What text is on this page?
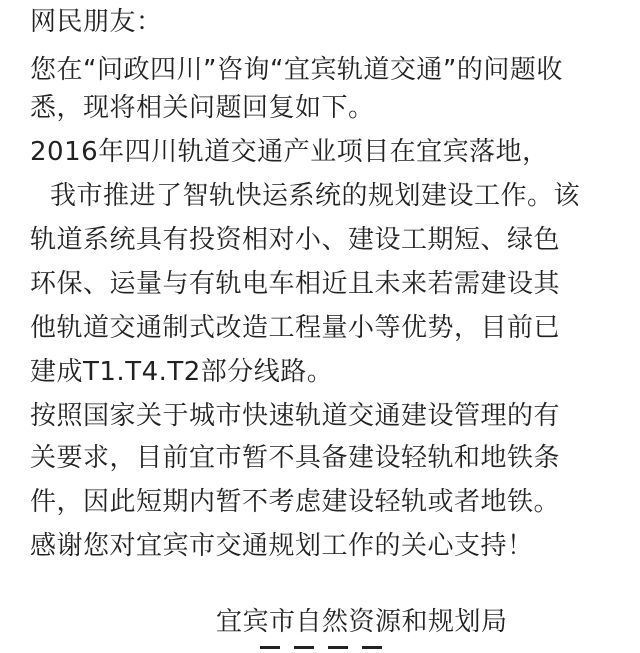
网民朋友：
您在“问政四川”咨询“宜宾轨道交通”的问题收
悉，现将相关问题回复如下。
2016年四川轨道交通产业项目在宜宾落地，
我市推进了智轨快运系统的规划建设工作。该
轨道系统具有投资相对小、建设工期短、绿色
环保、运量与有轨电车相近且未来若需建设其
他轨道交通制式改造工程量小等优势，目前已
建成T1.T4.T2部分线路。
按照国家关于城市快速轨道交通建设管理的有
关要求，目前宜市暂不具备建设轻轨和地铁条
件，因此短期内暂不考虑建设轻轨或者地铁。
感谢您对宜宾市交通规划工作的关心支持！
宜宾市自然资源和规划局
